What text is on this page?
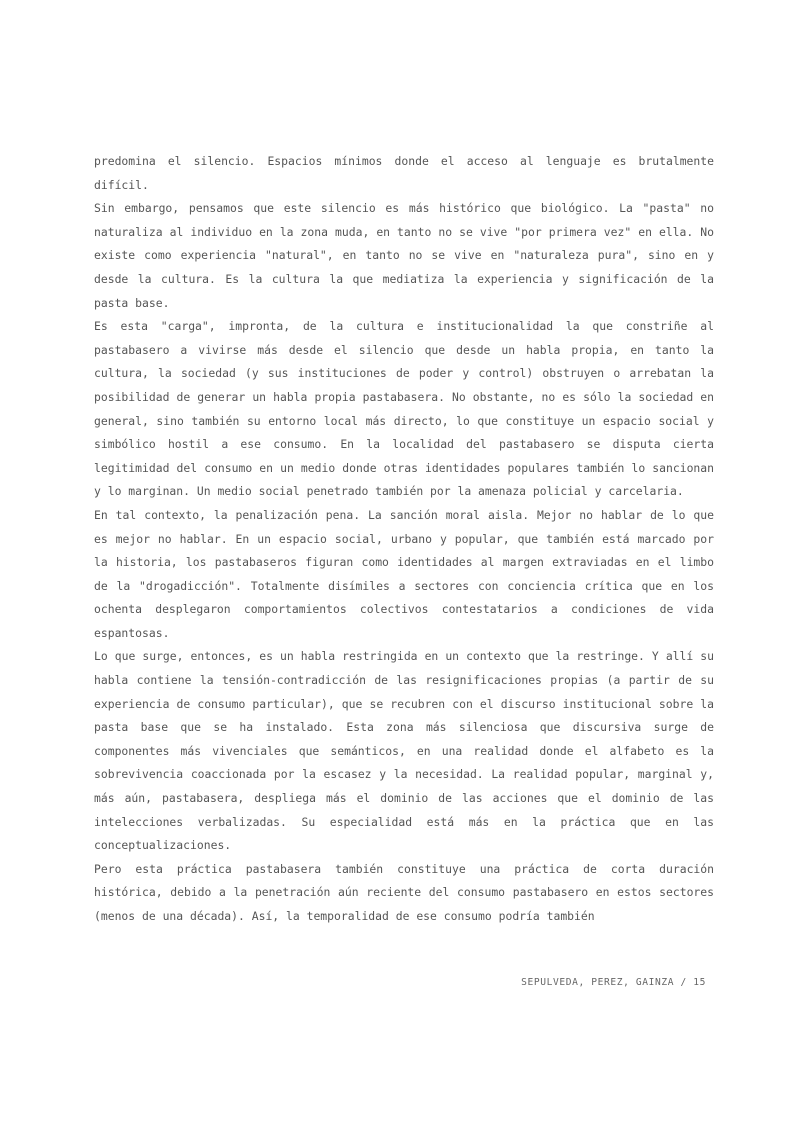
predomina el silencio. Espacios mínimos donde el acceso al lenguaje es brutalmente difícil.

Sin embargo, pensamos que este silencio es más histórico que biológico. La "pasta" no naturaliza al individuo en la zona muda, en tanto no se vive "por primera vez" en ella. No existe como experiencia "natural", en tanto no se vive en "naturaleza pura", sino en y desde la cultura. Es la cultura la que mediatiza la experiencia y significación de la pasta base.

Es esta "carga", impronta, de la cultura e institucionalidad la que constriñe al pastabasero a vivirse más desde el silencio que desde un habla propia, en tanto la cultura, la sociedad (y sus instituciones de poder y control) obstruyen o arrebatan la posibilidad de generar un habla propia pastabasera. No obstante, no es sólo la sociedad en general, sino también su entorno local más directo, lo que constituye un espacio social y simbólico hostil a ese consumo. En la localidad del pastabasero se disputa cierta legitimidad del consumo en un medio donde otras identidades populares también lo sancionan y lo marginan. Un medio social penetrado también por la amenaza policial y carcelaria.

En tal contexto, la penalización pena. La sanción moral aisla. Mejor no hablar de lo que es mejor no hablar. En un espacio social, urbano y popular, que también está marcado por la historia, los pastabaseros figuran como identidades al margen extraviadas en el limbo de la "drogadicción". Totalmente disímiles a sectores con conciencia crítica que en los ochenta desplegaron comportamientos colectivos contestatarios a condiciones de vida espantosas.

Lo que surge, entonces, es un habla restringida en un contexto que la restringe. Y allí su habla contiene la tensión-contradicción de las resignificaciones propias (a partir de su experiencia de consumo particular), que se recubren con el discurso institucional sobre la pasta base que se ha instalado. Esta zona más silenciosa que discursiva surge de componentes más vivenciales que semánticos, en una realidad donde el alfabeto es la sobrevivencia coaccionada por la escasez y la necesidad. La realidad popular, marginal y, más aún, pastabasera, despliega más el dominio de las acciones que el dominio de las intelecciones verbalizadas. Su especialidad está más en la práctica que en las conceptualizaciones.

Pero esta práctica pastabasera también constituye una práctica de corta duración histórica, debido a la penetración aún reciente del consumo pastabasero en estos sectores (menos de una década). Así, la temporalidad de ese consumo podría también

SEPULVEDA, PEREZ, GAINZA / 15
